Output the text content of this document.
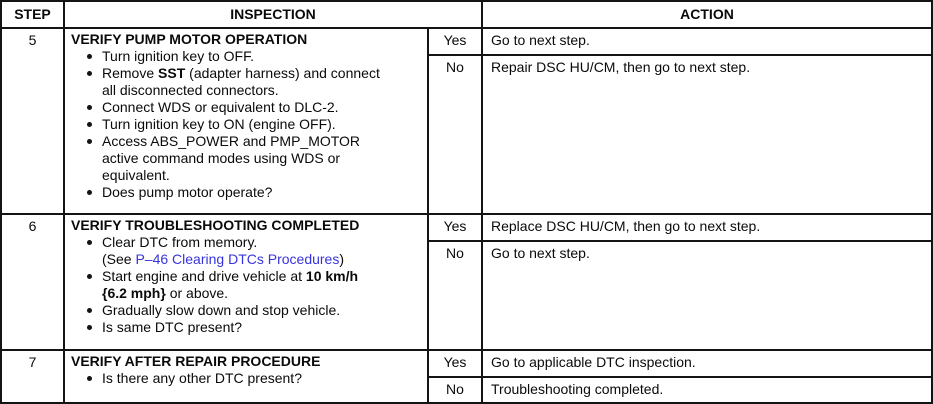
STEP	INSPECTION	ACTION
5	VERIFY PUMP MOTOR OPERATION
Turn ignition key to OFF.
Remove SST (adapter harness) and connect
all disconnected connectors.
Connect WDS or equivalent to DLC-2.
Turn ignition key to ON (engine OFF).
Access ABS_POWER and PMP_MOTOR
active command modes using WDS or
equivalent.
Does pump motor operate?
Yes	Go to next step.
No	Repair DSC HU/CM, then go to next step.
6	VERIFY TROUBLESHOOTING COMPLETED
Clear DTC from memory.
(See P–46 Clearing DTCs Procedures)
Start engine and drive vehicle at 10 km/h
{6.2 mph} or above.
Gradually slow down and stop vehicle.
Is same DTC present?
Yes	Replace DSC HU/CM, then go to next step.
No	Go to next step.
7	VERIFY AFTER REPAIR PROCEDURE
Is there any other DTC present?
Yes	Go to applicable DTC inspection.
No	Troubleshooting completed.
